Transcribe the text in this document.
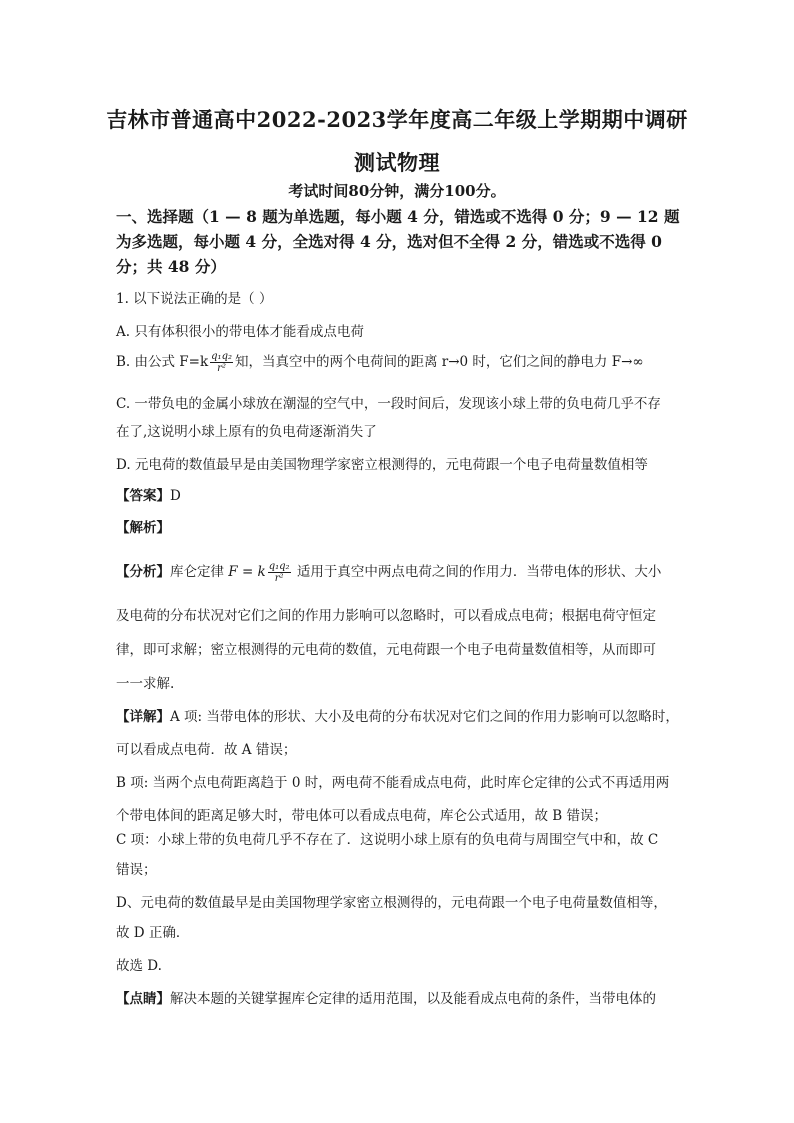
吉林市普通高中2022-2023学年度高二年级上学期期中调研
测试物理
考试时间80分钟，满分100分。
一、选择题（1 — 8 题为单选题，每小题 4 分，错选或不选得 0 分；9 — 12 题为多选题，每小题 4 分，全选对得 4 分，选对但不全得 2 分，错选或不选得 0 分；共 48 分）
1. 以下说法正确的是（ ）
A. 只有体积很小的带电体才能看成点电荷
B. 由公式 $F=k \frac{\text{q₁q₂}}{\text{r²}}$ 知，当真空中的两个电荷间的距离 r→0 时，它们之间的静电力 F→∞
C. 一带负电的金属小球放在潮湿的空气中，一段时间后，发现该小球上带的负电荷几乎不存
在了,这说明小球上原有的负电荷逐渐消失了
D. 元电荷的数值最早是由美国物理学家密立根测得的，元电荷跟一个电子电荷量数值相等
【答案】D
【解析】
【分析】库仑定律 F = k $\frac{\text{q₁q₂}}{\text{r²}}$ 适用于真空中两点电荷之间的作用力．当带电体的形状、大小
及电荷的分布状况对它们之间的作用力影响可以忽略时，可以看成点电荷；根据电荷守恒定
律，即可求解；密立根测得的元电荷的数值，元电荷跟一个电子电荷量数值相等，从而即可
一一求解.
【详解】A 项: 当带电体的形状、大小及电荷的分布状况对它们之间的作用力影响可以忽略时，
可以看成点电荷．故 A 错误；
B 项: 当两个点电荷距离趋于 0 时，两电荷不能看成点电荷，此时库仑定律的公式不再适用两
个带电体间的距离足够大时，带电体可以看成点电荷，库仑公式适用，故 B 错误；
C 项：小球上带的负电荷几乎不存在了．这说明小球上原有的负电荷与周围空气中和，故 C
错误；
D、元电荷的数值最早是由美国物理学家密立根测得的，元电荷跟一个电子电荷量数值相等，
故 D 正确．
故选 D.
【点睛】解决本题的关键掌握库仑定律的适用范围，以及能看成点电荷的条件，当带电体的
